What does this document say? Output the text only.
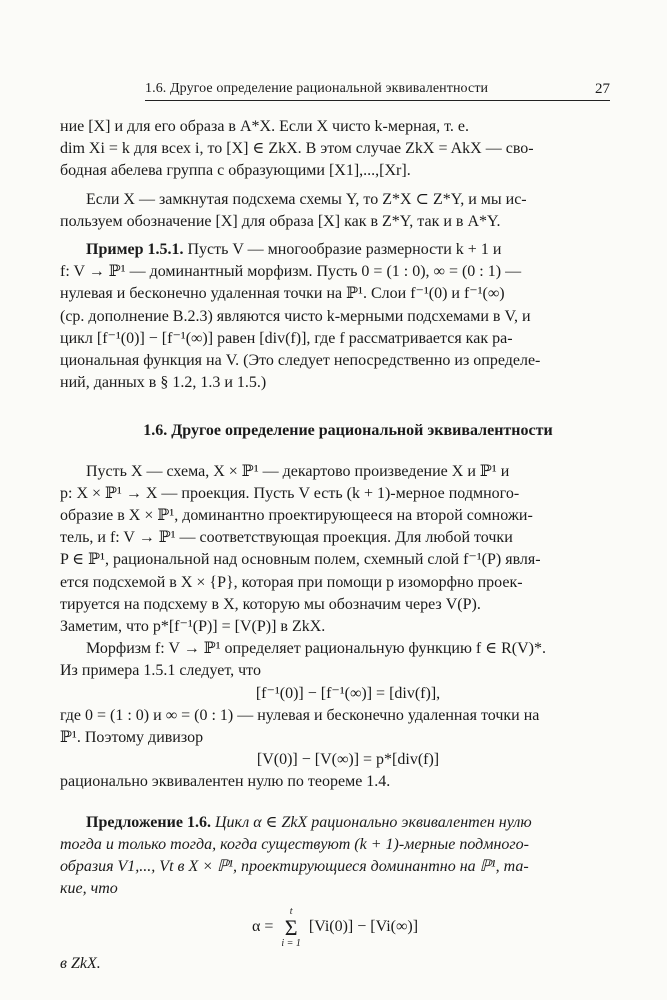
1.6. Другое определение рациональной эквивалентности	27

ние [X] и для его образа в A*X. Если X чисто k-мерная, т. е.

dim Xi = k для всех i, то [X] ∈ ZkX. В этом случае ZkX = AkX — сво-

бодная абелева группа с образующими [X1],...,[Xr].

Если X — замкнутая подсхема схемы Y, то Z*X ⊂ Z*Y, и мы ис-

пользуем обозначение [X] для образа [X] как в Z*Y, так и в A*Y.

Пример 1.5.1. Пусть V — многообразие размерности k + 1 и

f: V → ℙ¹ — доминантный морфизм. Пусть 0 = (1 : 0), ∞ = (0 : 1) —

нулевая и бесконечно удаленная точки на ℙ¹. Слои f⁻¹(0) и f⁻¹(∞)

(ср. дополнение В.2.3) являются чисто k-мерными подсхемами в V, и

цикл [f⁻¹(0)] − [f⁻¹(∞)] равен [div(f)], где f рассматривается как ра-

циональная функция на V. (Это следует непосредственно из определе-

ний, данных в § 1.2, 1.3 и 1.5.)

1.6. Другое определение рациональной эквивалентности

Пусть X — схема, X × ℙ¹ — декартово произведение X и ℙ¹ и

p: X × ℙ¹ → X — проекция. Пусть V есть (k + 1)-мерное подмного-

образие в X × ℙ¹, доминантно проектирующееся на второй сомножи-

тель, и f: V → ℙ¹ — соответствующая проекция. Для любой точки

P ∈ ℙ¹, рациональной над основным полем, схемный слой f⁻¹(P) явля-

ется подсхемой в X × {P}, которая при помощи p изоморфно проек-

тируется на подсхему в X, которую мы обозначим через V(P).

Заметим, что p*[f⁻¹(P)] = [V(P)] в ZkX.

Морфизм f: V → ℙ¹ определяет рациональную функцию f ∈ R(V)*.

Из примера 1.5.1 следует, что

[f⁻¹(0)] − [f⁻¹(∞)] = [div(f)],

где 0 = (1 : 0) и ∞ = (0 : 1) — нулевая и бесконечно удаленная точки на

ℙ¹. Поэтому дивизор

[V(0)] − [V(∞)] = p*[div(f)]

рационально эквивалентен нулю по теореме 1.4.

Предложение 1.6. Цикл α ∈ ZkX рационально эквивалентен нулю

тогда и только тогда, когда существуют (k + 1)-мерные подмного-

образия V1,..., Vt в X × ℙ¹, проектирующиеся доминантно на ℙ¹, та-

кие, что

α =
t
Σ
i = 1
[Vi(0)] − [Vi(∞)]

в ZkX.
